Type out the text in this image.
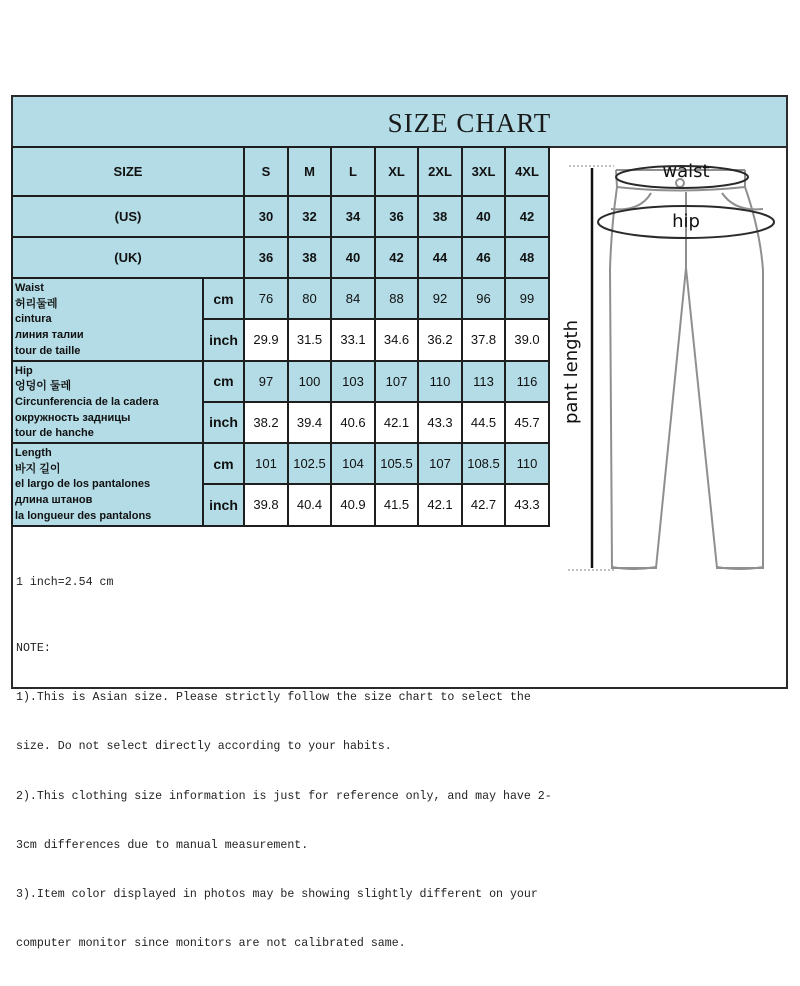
SIZE CHART
SIZE		S	M	L	XL	2XL	3XL	4XL
(US)		30	32	34	36	38	40	42
(UK)		36	38	40	42	44	46	48

Waist
허리둘레
cintura
линия талии
tour de taille	cm	76	80	84	88	92	96	99
	inch	29.9	31.5	33.1	34.6	36.2	37.8	39.0

Hip
엉덩이 둘레
Circunferencia de la cadera
окружность задницы
tour de hanche	cm	97	100	103	107	110	113	116
	inch	38.2	39.4	40.6	42.1	43.3	44.5	45.7

Length
바지 길이
el largo de los pantalones
длина штанов
la longueur des pantalons	cm	101	102.5	104	105.5	107	108.5	110
	inch	39.8	40.4	40.9	41.5	42.1	42.7	43.3

1 inch=2.54 cm

NOTE:

1).This is Asian size. Please strictly follow the size chart to select the

size. Do not select directly according to your habits.

2).This clothing size information is just for reference only, and may have 2-

3cm differences due to manual measurement.

3).Item color displayed in photos may be showing slightly different on your

computer monitor since monitors are not calibrated same.

waist
hip
pant length
